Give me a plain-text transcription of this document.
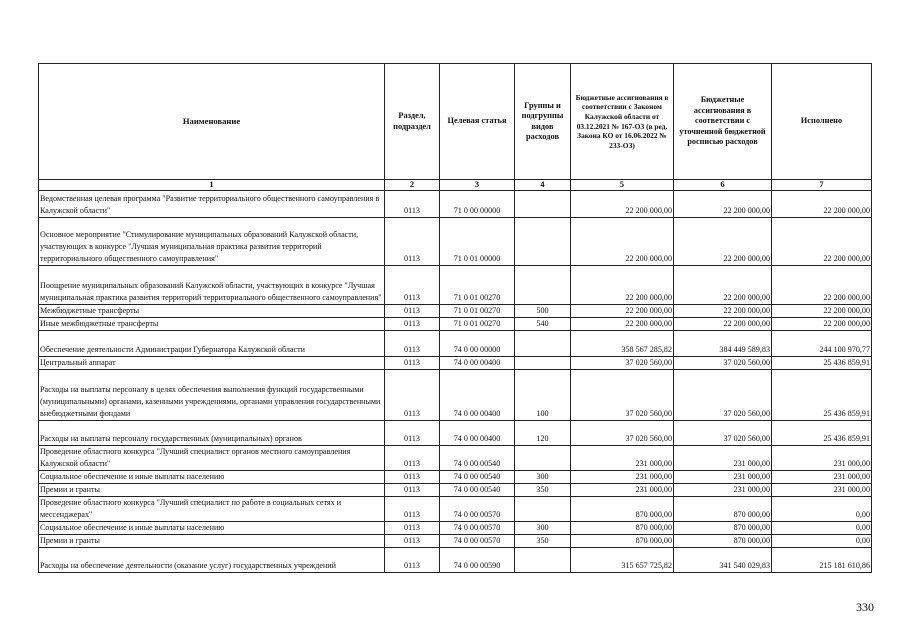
Наименование	Раздел, подраздел	Целевая статья	Группы и подгруппы видов расходов	Бюджетные ассигнования в соответствии с Законом Калужской области от 03.12.2021 № 167-ОЗ (в ред. Закона КО от 16.06.2022 № 233-ОЗ)	Бюджетные ассигнования в соответствии с уточненной бюджетной росписью расходов	Исполнено
1	2	3	4	5	6	7
Ведомственная целевая программа "Развитие территориального общественного самоуправления в Калужской области"	0113	71 0 00 00000		22 200 000,00	22 200 000,00	22 200 000,00
Основное мероприятие "Стимулирование муниципальных образований Калужской области, участвующих в конкурсе "Лучшая муниципальная практика развития территорий территориального общественного самоуправления"	0113	71 0 01 00000		22 200 000,00	22 200 000,00	22 200 000,00
Поощрение муниципальных образований Калужской области, участвующих в конкурсе "Лучшая муниципальная практика развития территорий территориального общественного самоуправления"	0113	71 0 01 00270		22 200 000,00	22 200 000,00	22 200 000,00
Межбюджетные трансферты	0113	71 0 01 00270	500	22 200 000,00	22 200 000,00	22 200 000,00
Иные межбюджетные трансферты	0113	71 0 01 00270	540	22 200 000,00	22 200 000,00	22 200 000,00
Обеспечение деятельности Администрации Губернатора Калужской области	0113	74 0 00 00000		358 567 285,82	384 449 589,83	244 100 970,77
Центральный аппарат	0113	74 0 00 00400		37 020 560,00	37 020 560,00	25 436 859,91
Расходы на выплаты персоналу в целях обеспечения выполнения функций государственными (муниципальными) органами, казенными учреждениями, органами управления государственными внебюджетными фондами	0113	74 0 00 00400	100	37 020 560,00	37 020 560,00	25 436 859,91
Расходы на выплаты персоналу государственных (муниципальных) органов	0113	74 0 00 00400	120	37 020 560,00	37 020 560,00	25 436 859,91
Проведение областного конкурса "Лучший специалист органов местного самоуправления Калужской области"	0113	74 0 00 00540		231 000,00	231 000,00	231 000,00
Социальное обеспечение и иные выплаты населению	0113	74 0 00 00540	300	231 000,00	231 000,00	231 000,00
Премии и гранты	0113	74 0 00 00540	350	231 000,00	231 000,00	231 000,00
Проведение областного конкурса "Лучший специалист по работе в социальных сетях и мессенджерах"	0113	74 0 00 00570		870 000,00	870 000,00	0,00
Социальное обеспечение и иные выплаты населению	0113	74 0 00 00570	300	870 000,00	870 000,00	0,00
Премии и гранты	0113	74 0 00 00570	350	870 000,00	870 000,00	0,00
Расходы на обеспечение деятельности (оказание услуг) государственных учреждений	0113	74 0 00 00590		315 657 725,82	341 540 029,83	215 181 610,86
330
